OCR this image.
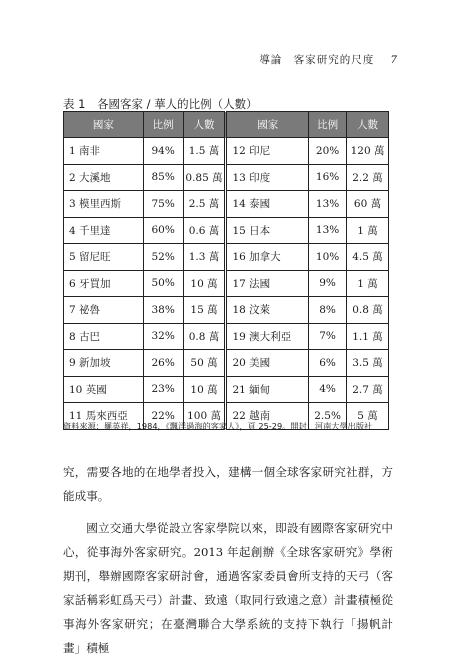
導論　客家研究的尺度 7
表 1　各國客家 / 華人的比例（人數）
國家	比例	人數	國家	比例	人數
1 南非	94%	1.5 萬	12 印尼	20%	120 萬
2 大溪地	85%	0.85 萬	13 印度	16%	2.2 萬
3 模里西斯	75%	2.5 萬	14 泰國	13%	60 萬
4 千里達	60%	0.6 萬	15 日本	13%	1 萬
5 留尼旺	52%	1.3 萬	16 加拿大	10%	4.5 萬
6 牙買加	50%	10 萬	17 法國	9%	1 萬
7 祕魯	38%	15 萬	18 汶萊	8%	0.8 萬
8 古巴	32%	0.8 萬	19 澳大利亞	7%	1.1 萬
9 新加坡	26%	50 萬	20 美國	6%	3.5 萬
10 英國	23%	10 萬	21 緬甸	4%	2.7 萬
11 馬來西亞	22%	100 萬	22 越南	2.5%	5 萬
資料來源：羅英祥，1984，《飄洋過海的客家人》，頁 25-29。開封：河南大學出版社

究，需要各地的在地學者投入，建構一個全球客家研究社群，方能成事。

國立交通大學從設立客家學院以來，即設有國際客家研究中心，從事海外客家研究。2013 年起創辦《全球客家研究》學術期刊，舉辦國際客家研討會，通過客家委員會所支持的天弓（客家話稱彩虹爲天弓）計畫、致遠（取同行致遠之意）計畫積極從事海外客家研究；在臺灣聯合大學系統的支持下執行「揚帆計畫」積極
